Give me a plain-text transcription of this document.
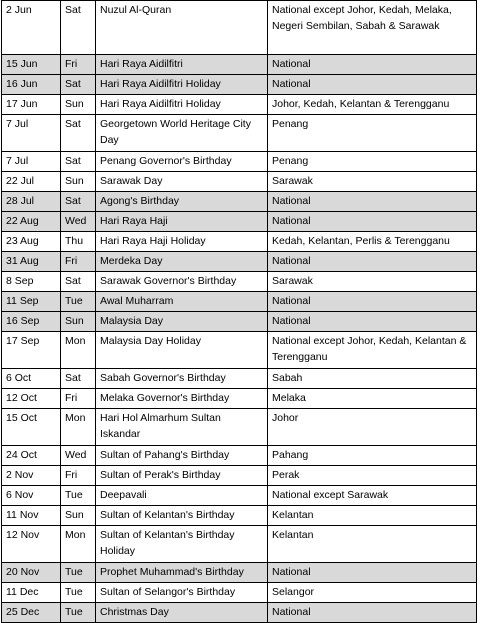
2 Jun	Sat	Nuzul Al-Quran	National except Johor, Kedah, Melaka, Negeri Sembilan, Sabah & Sarawak
15 Jun	Fri	Hari Raya Aidilfitri	National
16 Jun	Sat	Hari Raya Aidilfitri Holiday	National
17 Jun	Sun	Hari Raya Aidilfitri Holiday	Johor, Kedah, Kelantan & Terengganu
7 Jul	Sat	Georgetown World Heritage City Day	Penang
7 Jul	Sat	Penang Governor's Birthday	Penang
22 Jul	Sun	Sarawak Day	Sarawak
28 Jul	Sat	Agong's Birthday	National
22 Aug	Wed	Hari Raya Haji	National
23 Aug	Thu	Hari Raya Haji Holiday	Kedah, Kelantan, Perlis & Terengganu
31 Aug	Fri	Merdeka Day	National
8 Sep	Sat	Sarawak Governor's Birthday	Sarawak
11 Sep	Tue	Awal Muharram	National
16 Sep	Sun	Malaysia Day	National
17 Sep	Mon	Malaysia Day Holiday	National except Johor, Kedah, Kelantan & Terengganu
6 Oct	Sat	Sabah Governor's Birthday	Sabah
12 Oct	Fri	Melaka Governor's Birthday	Melaka
15 Oct	Mon	Hari Hol Almarhum Sultan Iskandar	Johor
24 Oct	Wed	Sultan of Pahang's Birthday	Pahang
2 Nov	Fri	Sultan of Perak's Birthday	Perak
6 Nov	Tue	Deepavali	National except Sarawak
11 Nov	Sun	Sultan of Kelantan's Birthday	Kelantan
12 Nov	Mon	Sultan of Kelantan's Birthday Holiday	Kelantan
20 Nov	Tue	Prophet Muhammad's Birthday	National
11 Dec	Tue	Sultan of Selangor's Birthday	Selangor
25 Dec	Tue	Christmas Day	National
